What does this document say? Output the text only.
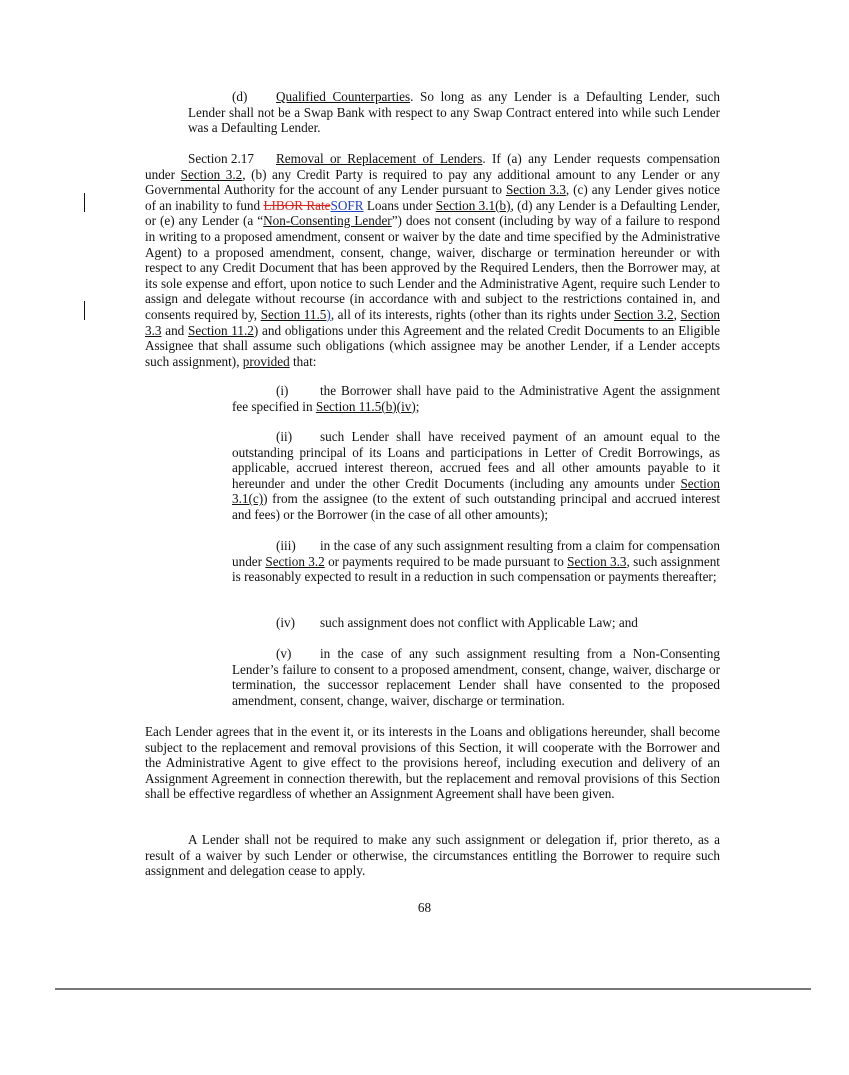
(d) Qualified Counterparties. So long as any Lender is a Defaulting Lender, such Lender shall not be a Swap Bank with respect to any Swap Contract entered into while such Lender was a Defaulting Lender.

Section 2.17 Removal or Replacement of Lenders. If (a) any Lender requests compensation under Section 3.2, (b) any Credit Party is required to pay any additional amount to any Lender or any Governmental Authority for the account of any Lender pursuant to Section 3.3, (c) any Lender gives notice of an inability to fund LIBOR RateSOFR Loans under Section 3.1(b), (d) any Lender is a Defaulting Lender, or (e) any Lender (a “Non-Consenting Lender”) does not consent (including by way of a failure to respond in writing to a proposed amendment, consent or waiver by the date and time specified by the Administrative Agent) to a proposed amendment, consent, change, waiver, discharge or termination hereunder or with respect to any Credit Document that has been approved by the Required Lenders, then the Borrower may, at its sole expense and effort, upon notice to such Lender and the Administrative Agent, require such Lender to assign and delegate without recourse (in accordance with and subject to the restrictions contained in, and consents required by, Section 11.5), all of its interests, rights (other than its rights under Section 3.2, Section 3.3 and Section 11.2) and obligations under this Agreement and the related Credit Documents to an Eligible Assignee that shall assume such obligations (which assignee may be another Lender, if a Lender accepts such assignment), provided that:

(i) the Borrower shall have paid to the Administrative Agent the assignment fee specified in Section 11.5(b)(iv);

(ii) such Lender shall have received payment of an amount equal to the outstanding principal of its Loans and participations in Letter of Credit Borrowings, as applicable, accrued interest thereon, accrued fees and all other amounts payable to it hereunder and under the other Credit Documents (including any amounts under Section 3.1(c)) from the assignee (to the extent of such outstanding principal and accrued interest and fees) or the Borrower (in the case of all other amounts);

(iii) in the case of any such assignment resulting from a claim for compensation under Section 3.2 or payments required to be made pursuant to Section 3.3, such assignment is reasonably expected to result in a reduction in such compensation or payments thereafter;

(iv) such assignment does not conflict with Applicable Law; and

(v) in the case of any such assignment resulting from a Non-Consenting Lender’s failure to consent to a proposed amendment, consent, change, waiver, discharge or termination, the successor replacement Lender shall have consented to the proposed amendment, consent, change, waiver, discharge or termination.

Each Lender agrees that in the event it, or its interests in the Loans and obligations hereunder, shall become subject to the replacement and removal provisions of this Section, it will cooperate with the Borrower and the Administrative Agent to give effect to the provisions hereof, including execution and delivery of an Assignment Agreement in connection therewith, but the replacement and removal provisions of this Section shall be effective regardless of whether an Assignment Agreement shall have been given.

A Lender shall not be required to make any such assignment or delegation if, prior thereto, as a result of a waiver by such Lender or otherwise, the circumstances entitling the Borrower to require such assignment and delegation cease to apply.

68
